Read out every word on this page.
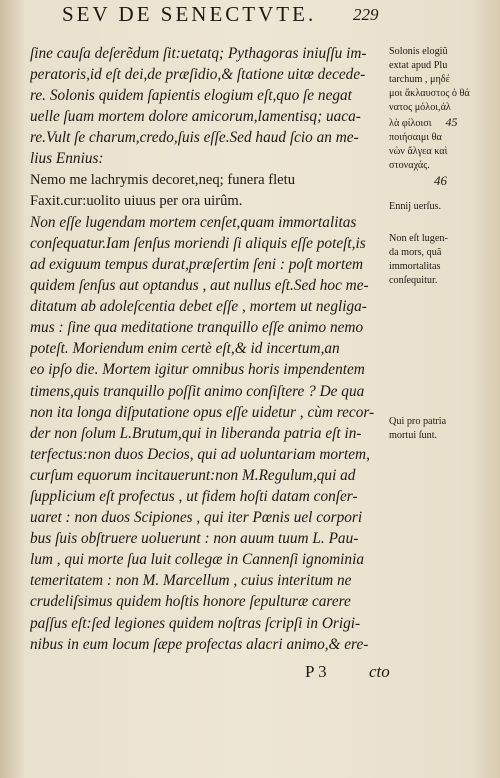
SEV DE SENECTVTE. 229
ſine cauſa deſerẽdum ſit:uetatq; Pythagoras iniuſſu im-
peratoris,id eſt dei,de præſidio,& ſtatione uitæ decede-
re. Solonis quidem ſapientis elogium eſt,quo ſe negat
uelle ſuam mortem dolore amicorum,lamentisq; uaca-
re.Vult ſe charum,credo,ſuis eſſe.Sed haud ſcio an me-
lius Ennius:
Nemo me lachrymis decoret,neq; funera fletu
Faxit.cur:uolito uiuus per ora uirûm.
Non eſſe lugendam mortem cenſet,quam immortalitas
conſequatur.Iam ſenſus moriendi ſi aliquis eſſe poteſt,is
ad exiguum tempus durat,præſertim ſeni : poſt mortem
quidem ſenſus aut optandus , aut nullus eſt.Sed hoc me-
ditatum ab adoleſcentia debet eſſe , mortem ut negliga-
mus : ſine qua meditatione tranquillo eſſe animo nemo
poteſt. Moriendum enim certè eſt,& id incertum,an
eo ipſo die. Mortem igitur omnibus horis impendentem
timens,quis tranquillo poſſit animo conſiſtere ? De qua
non ita longa diſputatione opus eſſe uidetur , cùm recor-
der non ſolum L.Brutum,qui in liberanda patria eſt in-
terfectus:non duos Decios, qui ad uoluntariam mortem,
curſum equorum incitauerunt:non M.Regulum,qui ad
ſupplicium eſt profectus , ut fidem hoſti datam conſer-
uaret : non duos Scipiones , qui iter Pœnis uel corpori
bus ſuis obſtruere uoluerunt : non auum tuum L. Pau-
lum , qui morte ſua luit collegæ in Cannenſi ignominia
temeritatem : non M. Marcellum , cuius interitum ne
crudeliſsimus quidem hoſtis honore ſepulturæ carere
paſſus eſt:ſed legiones quidem noſtras ſcripſi in Origi-
nibus in eum locum ſæpe profectas alacri animo,& ere-
Solonis elogiũ
extat apud Plu
tarchum , μηδέ
μοι ἄκλαυστος ὁ θά
νατος μόλοι,ἀλ
λὰ φίλοισι 45
ποιήσαιμι θα
νὼν ἄλγεα καὶ
στοναχάς.
46
Ennij uerſus.
Non eſt lugen-
da mors, quã
immortalitas
conſequitur.
Qui pro patria
mortui ſunt.
P 3 cto
